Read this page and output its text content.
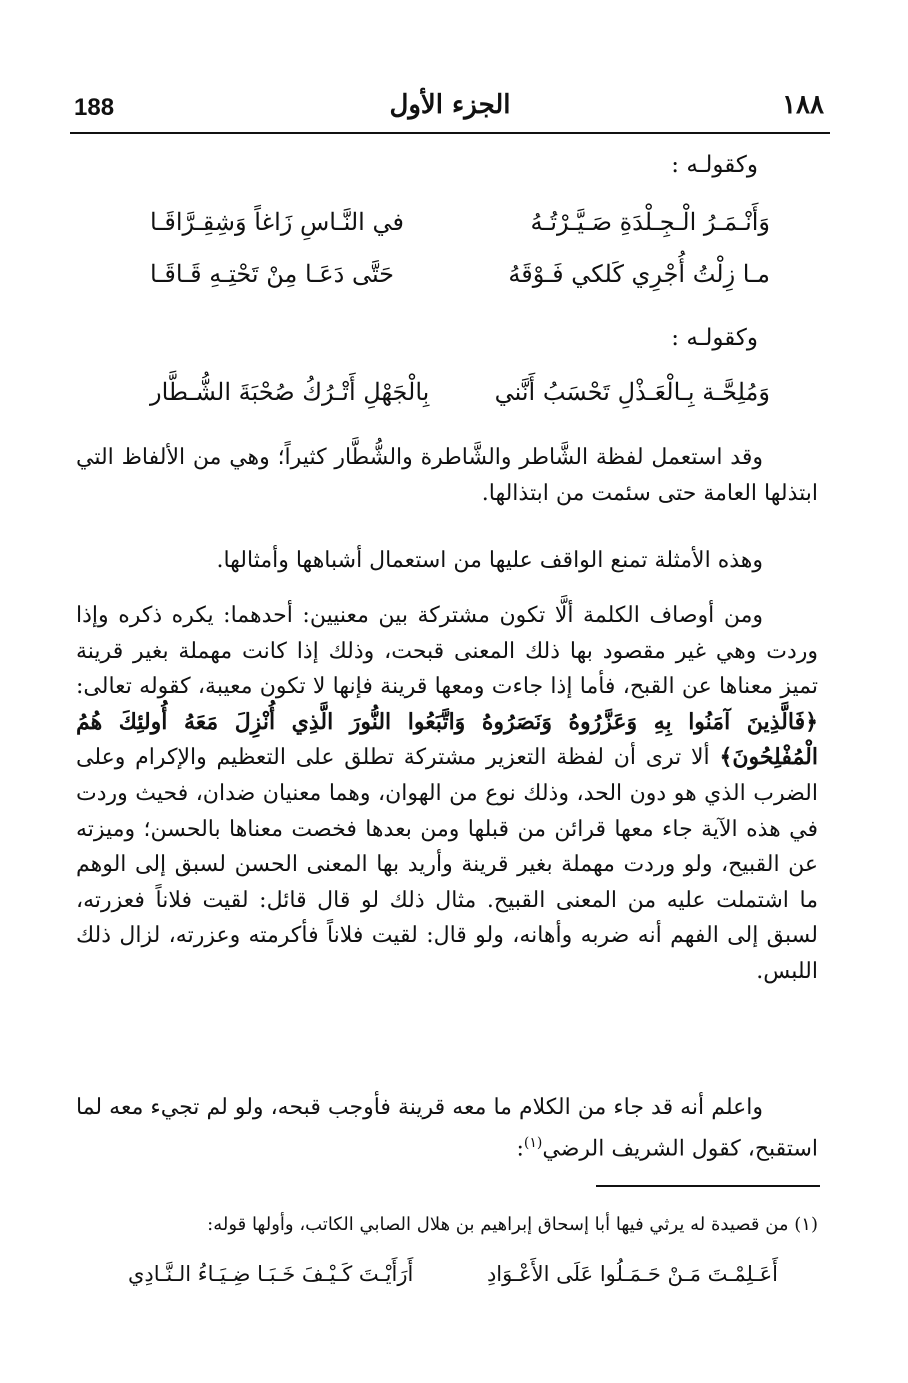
188	الجزء الأول	١٨٨
وكقولـه :
وَأَنْـمَـرُ الْـجِـلْدَةِ صَـيَّـرْتُـهُ
في النَّـاسِ زَاغاً وَشِقِـرَّاقَـا
مـا زِلْتُ أُجْرِي كَلكي فَـوْقَهُ
حَتَّى دَعَـا مِنْ تَحْتِـهِ قَـاقَـا
وكقولـه :
وَمُلِحَّـة بِـالْعَـذْلِ تَحْسَبُ أَنَّني
بِالْجَهْلِ أَتْـرُكُ صُحْبَةَ الشُّـطَّار
وقد استعمل لفظة الشَّاطر والشَّاطرة والشُّطَّار كثيراً؛ وهي من الألفاظ التي ابتذلها العامة حتى سئمت من ابتذالها.
وهذه الأمثلة تمنع الواقف عليها من استعمال أشباهها وأمثالها.
ومن أوصاف الكلمة ألَّا تكون مشتركة بين معنيين: أحدهما: يكره ذكره وإذا وردت وهي غير مقصود بها ذلك المعنى قبحت، وذلك إذا كانت مهملة بغير قرينة تميز معناها عن القبح، فأما إذا جاءت ومعها قرينة فإنها لا تكون معيبة، كقوله تعالى: ﴿فَالَّذِينَ آمَنُوا بِهِ وَعَزَّرُوهُ وَنَصَرُوهُ وَاتَّبَعُوا النُّورَ الَّذِي أُنْزِلَ مَعَهُ أُولئِكَ هُمُ الْمُفْلِحُونَ﴾ ألا ترى أن لفظة التعزير مشتركة تطلق على التعظيم والإكرام وعلى الضرب الذي هو دون الحد، وذلك نوع من الهوان، وهما معنيان ضدان، فحيث وردت في هذه الآية جاء معها قرائن من قبلها ومن بعدها فخصت معناها بالحسن؛ وميزته عن القبيح، ولو وردت مهملة بغير قرينة وأريد بها المعنى الحسن لسبق إلى الوهم ما اشتملت عليه من المعنى القبيح. مثال ذلك لو قال قائل: لقيت فلاناً فعزرته، لسبق إلى الفهم أنه ضربه وأهانه، ولو قال: لقيت فلاناً فأكرمته وعزرته، لزال ذلك اللبس.
واعلم أنه قد جاء من الكلام ما معه قرينة فأوجب قبحه، ولو لم تجيء معه لما استقبح، كقول الشريف الرضي$^{(١)}$:
(١) من قصيدة له يرثي فيها أبا إسحاق إبراهيم بن هلال الصابي الكاتب، وأولها قوله:
أَعَـلِمْـتَ مَـنْ حَـمَـلُوا عَلَى الأَعْـوَادِ
أَرَأَيْـتَ كَـيْـفَ خَـبَـا ضِـيَـاءُ الـنَّـادِي
